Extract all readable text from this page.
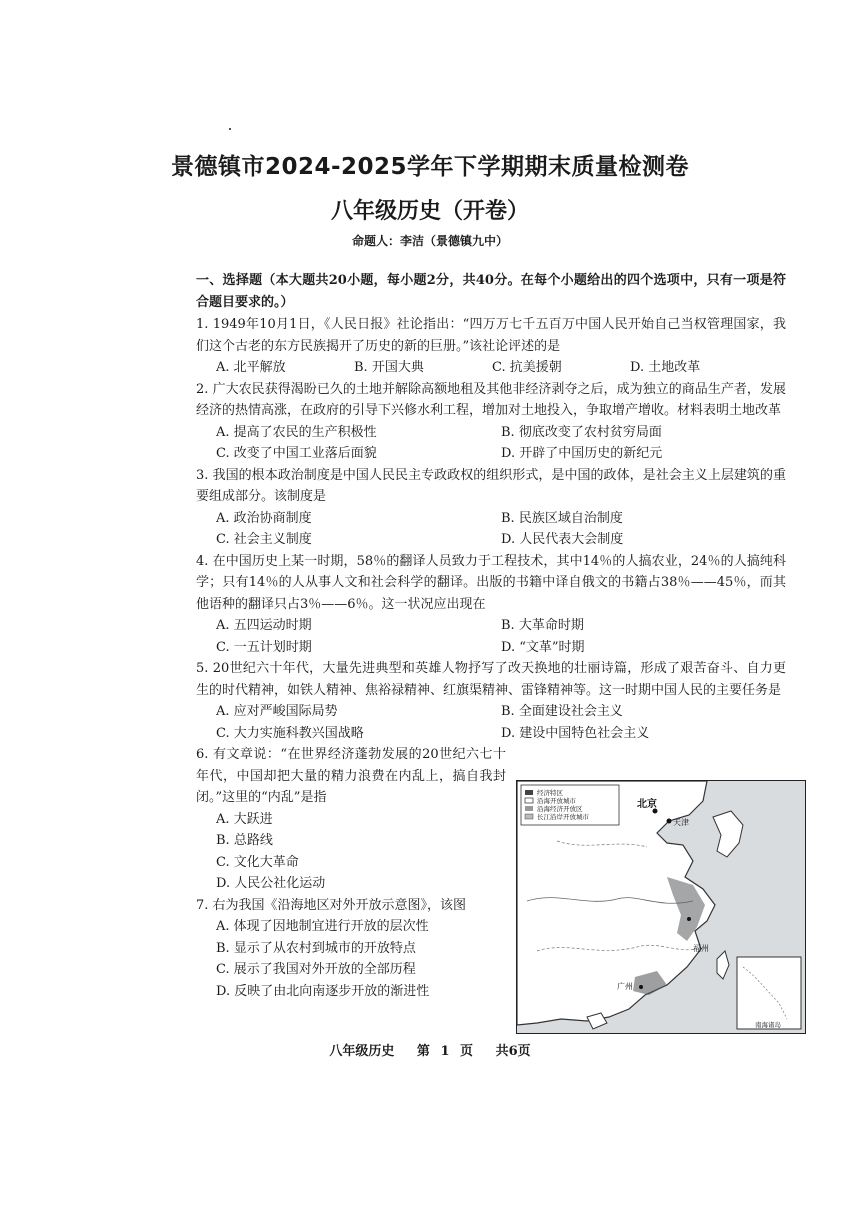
景德镇市2024-2025学年下学期期末质量检测卷
八年级历史（开卷）
命题人：李洁（景德镇九中）

一、选择题（本大题共20小题，每小题2分，共40分。在每个小题给出的四个选项中，只有一项是符合题目要求的。）

1. 1949年10月1日，《人民日报》社论指出：“四万万七千五百万中国人民开始自己当权管理国家，我们这个古老的东方民族揭开了历史的新的巨册。”该社论评述的是

A. 北平解放	B. 开国大典	C. 抗美援朝	D. 土地改革

2. 广大农民获得渴盼已久的土地并解除高额地租及其他非经济剥夺之后，成为独立的商品生产者，发展经济的热情高涨，在政府的引导下兴修水利工程，增加对土地投入，争取增产增收。材料表明土地改革

A. 提高了农民的生产积极性	B. 彻底改变了农村贫穷局面
C. 改变了中国工业落后面貌	D. 开辟了中国历史的新纪元

3. 我国的根本政治制度是中国人民民主专政政权的组织形式，是中国的政体，是社会主义上层建筑的重要组成部分。该制度是

A. 政治协商制度	B. 民族区域自治制度
C. 社会主义制度	D. 人民代表大会制度

4. 在中国历史上某一时期，58％的翻译人员致力于工程技术，其中14％的人搞农业，24％的人搞纯科学；只有14％的人从事人文和社会科学的翻译。出版的书籍中译自俄文的书籍占38％——45％，而其他语种的翻译只占3％——6％。这一状况应出现在

A. 五四运动时期	B. 大革命时期
C. 一五计划时期	D. “文革”时期

5. 20世纪六十年代，大量先进典型和英雄人物抒写了改天换地的壮丽诗篇，形成了艰苦奋斗、自力更生的时代精神，如铁人精神、焦裕禄精神、红旗渠精神、雷锋精神等。这一时期中国人民的主要任务是

A. 应对严峻国际局势	B. 全面建设社会主义
C. 大力实施科教兴国战略	D. 建设中国特色社会主义

6. 有文章说：“在世界经济蓬勃发展的20世纪六七十年代，中国却把大量的精力浪费在内乱上，搞自我封闭。”这里的“内乱”是指

A. 大跃进
B. 总路线
C. 文化大革命
D. 人民公社化运动

7. 右为我国《沿海地区对外开放示意图》，该图

A. 体现了因地制宜进行开放的层次性
B. 显示了从农村到城市的开放特点
C. 展示了我国对外开放的全部历程
D. 反映了由北向南逐步开放的渐进性
经济特区
沿海开放城市
沿海经济开放区
长江沿岸开放城市
北京
天津
福州
广州
南海诸岛
八年级历史 第 1 页 共6页
